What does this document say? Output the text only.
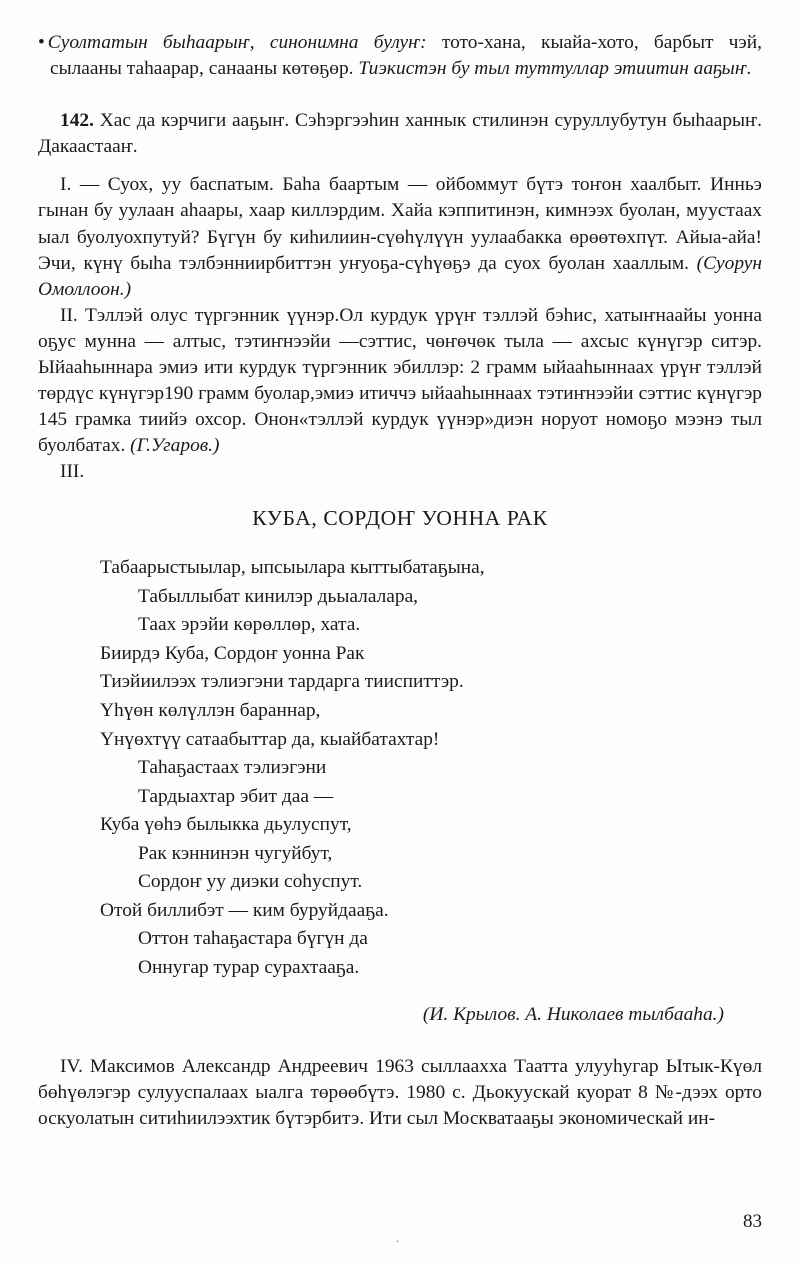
• Суолтатын быһаарыҥ, синонимна булуҥ: тото-хана, кыайа-хото, барбыт чэй, сылааны таһаарар, санааны көтөҕөр. Тиэкистэн бу тыл туттуллар этиитин ааҕыҥ.

142. Хас да кэрчиги ааҕыҥ. Сэһэргээһин ханнык стилинэн суруллубутун быһаарыҥ. Дакаастааҥ.

I. — Суох, уу баспатым. Баһа баартым — ойбоммут бүтэ тоҥон хаалбыт. Инньэ гынан бу уулаан аһаары, хаар киллэрдим. Хайа кэппитинэн, кимнээх буолан, муустаах ыал буолуохпутуй? Бүгүн бу киһилиин-сүөһүлүүн уулаабакка өрөөтөхпүт. Айыа-айа! Эчи, күнү быһа тэлбэнниирбиттэн уҥуоҕа-сүһүөҕэ да суох буолан хааллым. (Суорун Омоллоон.)

II. Тэллэй олус түргэнник үүнэр.Ол курдук үрүҥ тэллэй бэһис, хатыҥнаайы уонна оҕус мунна — алтыс, тэтиҥнээйи —сэттис, чөҥөчөк тыла — ахсыс күнүгэр ситэр. Ыйааһыннара эмиэ ити курдук түргэнник эбиллэр: 2 грамм ыйааһыннаах үрүҥ тэллэй төрдүс күнүгэр190 грамм буолар,эмиэ итиччэ ыйааһыннаах тэтиҥнээйи сэттис күнүгэр 145 грамка тиийэ охсор. Онон«тэллэй курдук үүнэр»диэн норуот номоҕо мээнэ тыл буолбатах. (Г.Угаров.)

III.

КУБА, СОРДОҤ УОННА РАК

Табаарыстыылар, ыпсыылара кыттыбатаҕына,
Табыллыбат кинилэр дьыалалара,
Таах эрэйи көрөллөр, хата.
Биирдэ Куба, Сордоҥ уонна Рак
Тиэйиилээх тэлиэгэни тардарга тииспиттэр.
Үһүөн көлүллэн бараннар,
Үнүөхтүү сатаабыттар да, кыайбатахтар!
Таһаҕастаах тэлиэгэни
Тардыахтар эбит даа —
Куба үөһэ былыкка дьулуспут,
Рак кэннинэн чугуйбут,
Сордоҥ уу диэки соһуспут.
Отой биллибэт — ким буруйдааҕа.
Оттон таһаҕастара бүгүн да
Оннугар турар сурахтааҕа.

(И. Крылов. А. Николаев тылбааһа.)

IV. Максимов Александр Андреевич 1963 сыллаахха Таатта улууһугар Ытык-Күөл бөһүөлэгэр сулууспалаах ыалга төрөөбүтэ. 1980 с. Дьокуускай куорат 8 №-дээх орто оскуолатын ситиһиилээхтик бүтэрбитэ. Ити сыл Москватааҕы экономическай ин-

.
83
